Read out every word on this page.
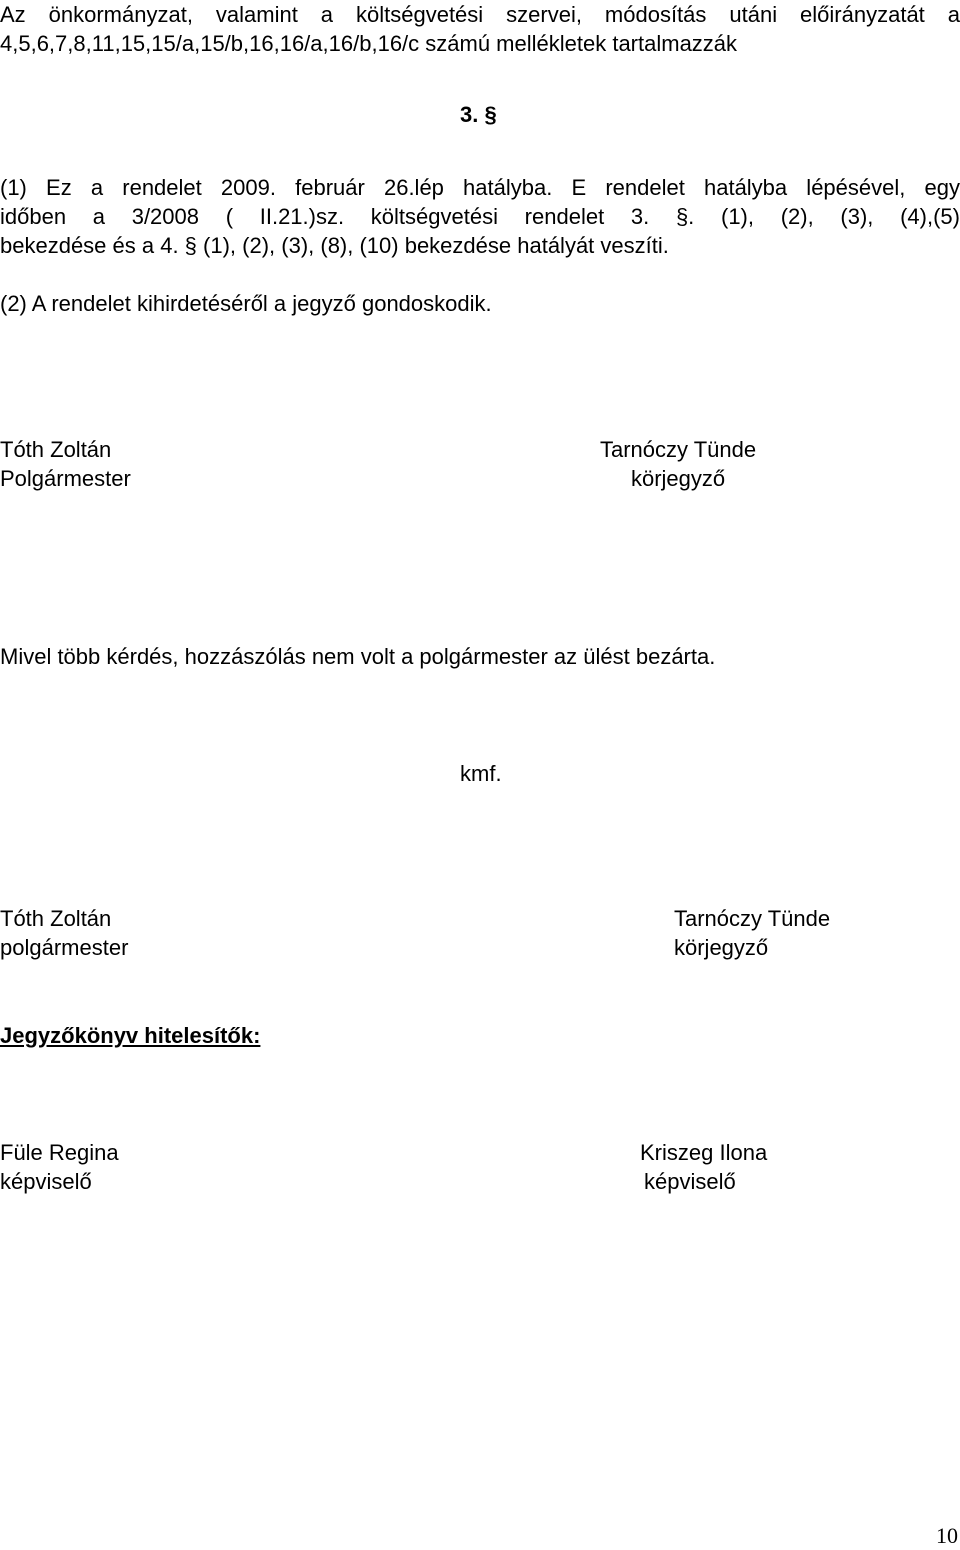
Az önkormányzat, valamint a költségvetési szervei, módosítás utáni előirányzatát a
4,5,6,7,8,11,15,15/a,15/b,16,16/a,16/b,16/c számú mellékletek tartalmazzák
3. §
(1) Ez a rendelet 2009. február 26.lép hatályba. E rendelet hatályba lépésével, egy
időben a 3/2008 ( II.21.)sz. költségvetési rendelet 3. §. (1), (2), (3), (4),(5)
bekezdése és a 4. § (1), (2), (3), (8), (10) bekezdése hatályát veszíti.
(2) A rendelet kihirdetéséről a jegyző gondoskodik.
Tóth Zoltán
Polgármester
Tarnóczy Tünde
körjegyző
Mivel több kérdés, hozzászólás nem volt a polgármester az ülést bezárta.
kmf.
Tóth Zoltán
polgármester
Tarnóczy Tünde
körjegyző
Jegyzőkönyv hitelesítők:
Füle Regina
képviselő
Kriszeg Ilona
képviselő
10
